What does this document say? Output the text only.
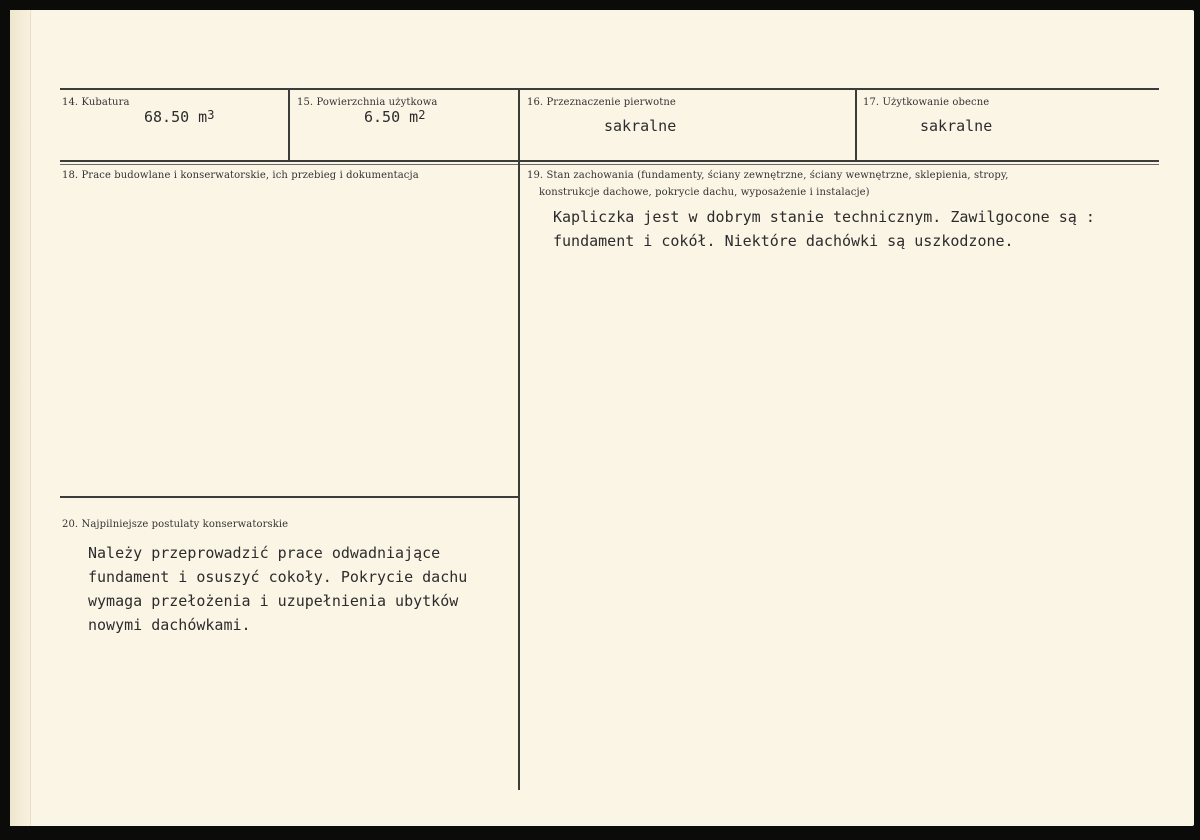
14. Kubatura
68.50 $m^3$
15. Powierzchnia użytkowa
6.50 $m^2$
16. Przeznaczenie pierwotne
sakralne
17. Użytkowanie obecne
sakralne
18. Prace budowlane i konserwatorskie, ich przebieg i dokumentacja	19. Stan zachowania (fundamenty, ściany zewnętrzne, ściany wewnętrzne, sklepienia, stropy,
konstrukcje dachowe, pokrycie dachu, wyposażenie i instalacje)
Kapliczka jest w dobrym stanie technicznym. Zawilgocone są :
fundament i cokół. Niektóre dachówki są uszkodzone.
20. Najpilniejsze postulaty konserwatorskie
Należy przeprowadzić prace odwadniające
fundament i osuszyć cokoły. Pokrycie dachu
wymaga przełożenia i uzupełnienia ubytków
nowymi dachówkami.
